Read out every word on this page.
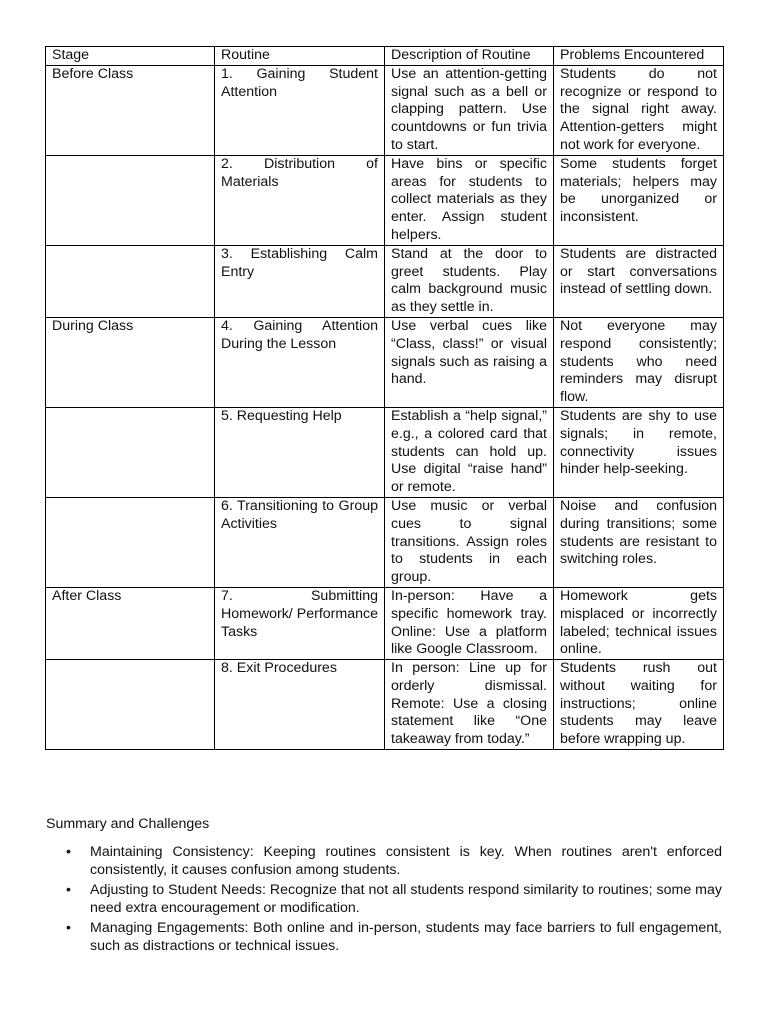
Stage	Routine	Description of Routine	Problems Encountered
Before Class	1. Gaining Student Attention	Use an attention-getting signal such as a bell or clapping pattern. Use countdowns or fun trivia to start.	Students do not recognize or respond to the signal right away. Attention-getters might not work for everyone.
	2. Distribution of Materials	Have bins or specific areas for students to collect materials as they enter. Assign student helpers.	Some students forget materials; helpers may be unorganized or inconsistent.
	3. Establishing Calm Entry	Stand at the door to greet students. Play calm background music as they settle in.	Students are distracted or start conversations instead of settling down.
During Class	4. Gaining Attention During the Lesson	Use verbal cues like “Class, class!” or visual signals such as raising a hand.	Not everyone may respond consistently; students who need reminders may disrupt flow.
	5. Requesting Help	Establish a “help signal,” e.g., a colored card that students can hold up. Use digital “raise hand” or remote.	Students are shy to use signals; in remote, connectivity issues hinder help-seeking.
	6. Transitioning to Group Activities	Use music or verbal cues to signal transitions. Assign roles to students in each group.	Noise and confusion during transitions; some students are resistant to switching roles.
After Class	7. Submitting Homework/ Performance Tasks	In-person: Have a specific homework tray. Online: Use a platform like Google Classroom.	Homework gets misplaced or incorrectly labeled; technical issues online.
	8. Exit Procedures	In person: Line up for orderly dismissal. Remote: Use a closing statement like “One takeaway from today.”	Students rush out without waiting for instructions; online students may leave before wrapping up.
Summary and Challenges
• Maintaining Consistency: Keeping routines consistent is key. When routines aren't enforced consistently, it causes confusion among students.
• Adjusting to Student Needs: Recognize that not all students respond similarity to routines; some may need extra encouragement or modification.
• Managing Engagements: Both online and in-person, students may face barriers to full engagement, such as distractions or technical issues.
